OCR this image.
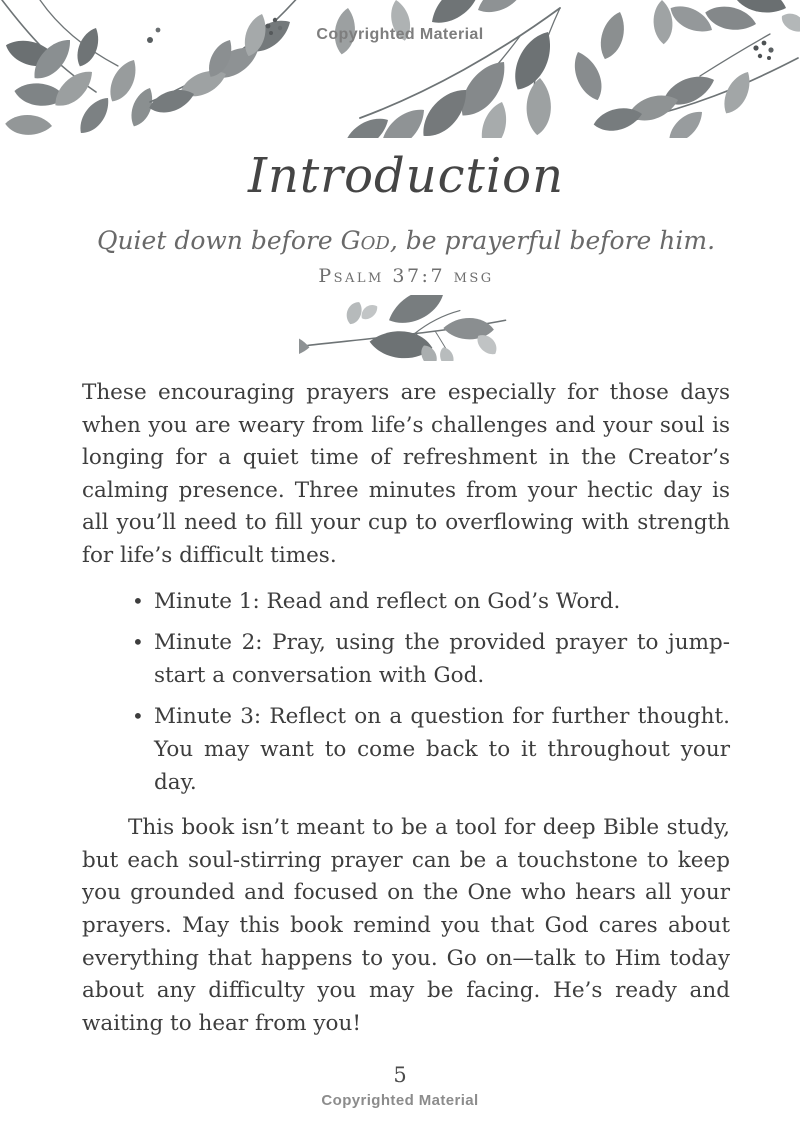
Copyrighted Material
Introduction

Quiet down before God, be prayerful before him.

Psalm 37:7 msg

These encouraging prayers are especially for those days when you are weary from life’s challenges and your soul is longing for a quiet time of refreshment in the Creator’s calming presence. Three minutes from your hectic day is all you’ll need to fill your cup to overflowing with strength for life’s difficult times.

• Minute 1: Read and reflect on God’s Word.
• Minute 2: Pray, using the provided prayer to jump-start a conversation with God.
• Minute 3: Reflect on a question for further thought. You may want to come back to it throughout your day.

This book isn’t meant to be a tool for deep Bible study, but each soul-stirring prayer can be a touchstone to keep you grounded and focused on the One who hears all your prayers. May this book remind you that God cares about everything that happens to you. Go on—talk to Him today about any difficulty you may be facing. He’s ready and waiting to hear from you!

5
Copyrighted Material
